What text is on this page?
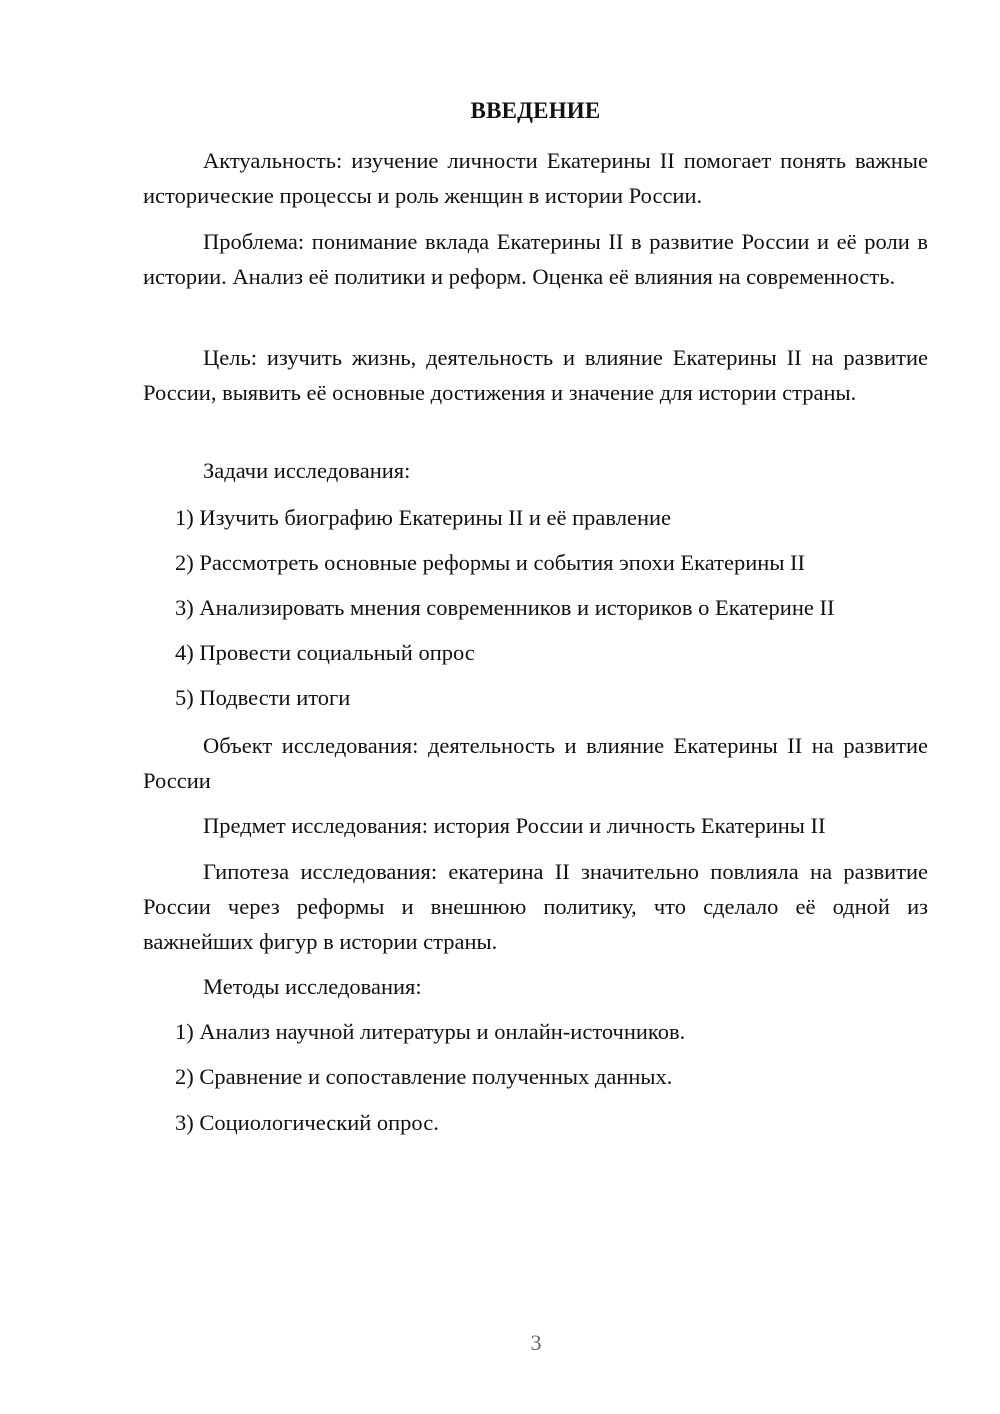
ВВЕДЕНИЕ

Актуальность: изучение личности Екатерины II помогает понять важные исторические процессы и роль женщин в истории России.

Проблема: понимание вклада Екатерины II в развитие России и её роли в истории. Анализ её политики и реформ. Оценка её влияния на современность.

Цель: изучить жизнь, деятельность и влияние Екатерины II на развитие России, выявить её основные достижения и значение для истории страны.

Задачи исследования:
1) Изучить биографию Екатерины II и её правление
2) Рассмотреть основные реформы и события эпохи Екатерины II
3) Анализировать мнения современников и историков о Екатерине II
4) Провести социальный опрос
5) Подвести итоги

Объект исследования: деятельность и влияние Екатерины II на развитие России

Предмет исследования: история России и личность Екатерины II

Гипотеза исследования: екатерина II значительно повлияла на развитие России через реформы и внешнюю политику, что сделало её одной из важнейших фигур в истории страны.

Методы исследования:
1) Анализ научной литературы и онлайн-источников.
2) Сравнение и сопоставление полученных данных.
3) Социологический опрос.
3
